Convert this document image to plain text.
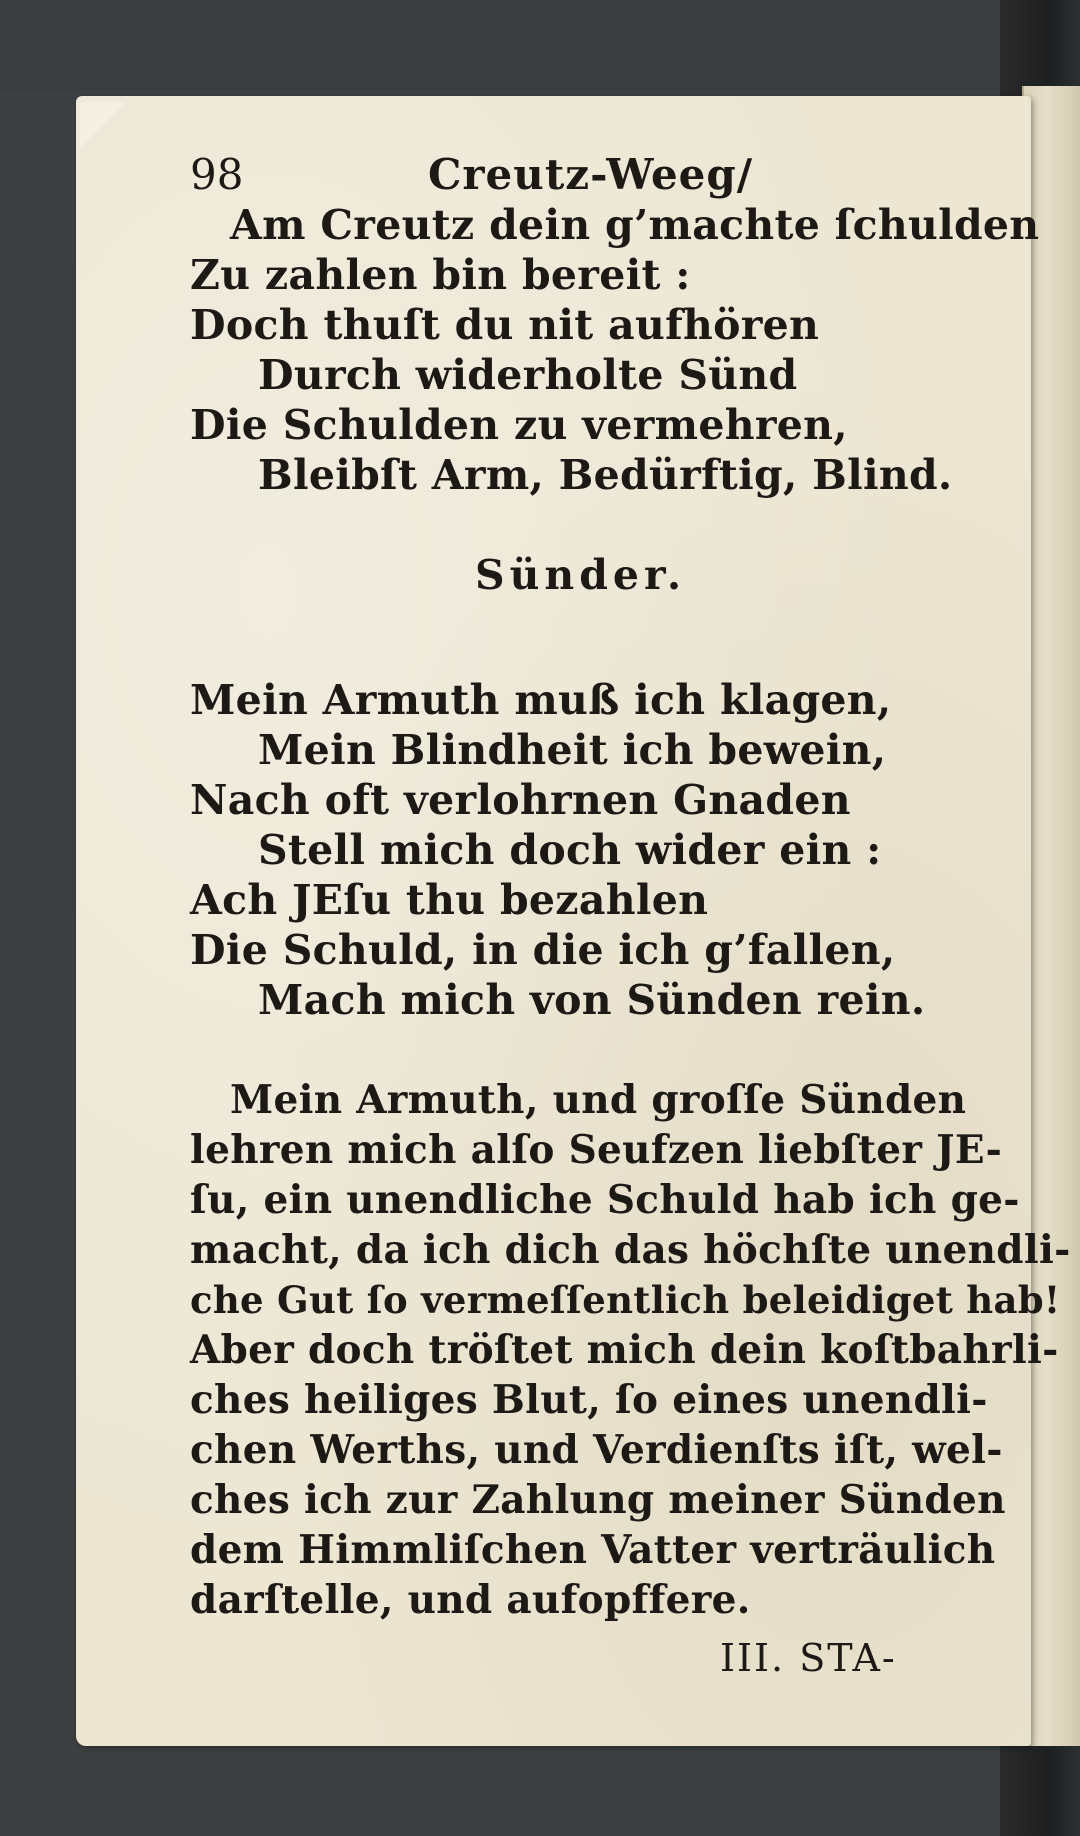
98	Creutz-Weeg/
Am Creutz dein g’machte ſchulden
Zu zahlen bin bereit :
Doch thuſt du nit aufhören
Durch widerholte Sünd
Die Schulden zu vermehren,
Bleibſt Arm, Bedürftig, Blind.
Sünder.
Mein Armuth muß ich klagen,
Mein Blindheit ich bewein,
Nach oft verlohrnen Gnaden
Stell mich doch wider ein :
Ach JEſu thu bezahlen
Die Schuld, in die ich g’fallen,
Mach mich von Sünden rein.
Mein Armuth, und groſſe Sünden
lehren mich alſo Seufzen liebſter JE-
ſu, ein unendliche Schuld hab ich ge-
macht, da ich dich das höchſte unendli-
che Gut ſo vermeſſentlich beleidiget hab!
Aber doch tröſtet mich dein koſtbahrli-
ches heiliges Blut, ſo eines unendli-
chen Werths, und Verdienſts iſt, wel-
ches ich zur Zahlung meiner Sünden
dem Himmliſchen Vatter verträulich
darſtelle, und aufopffere.
III. STA-
